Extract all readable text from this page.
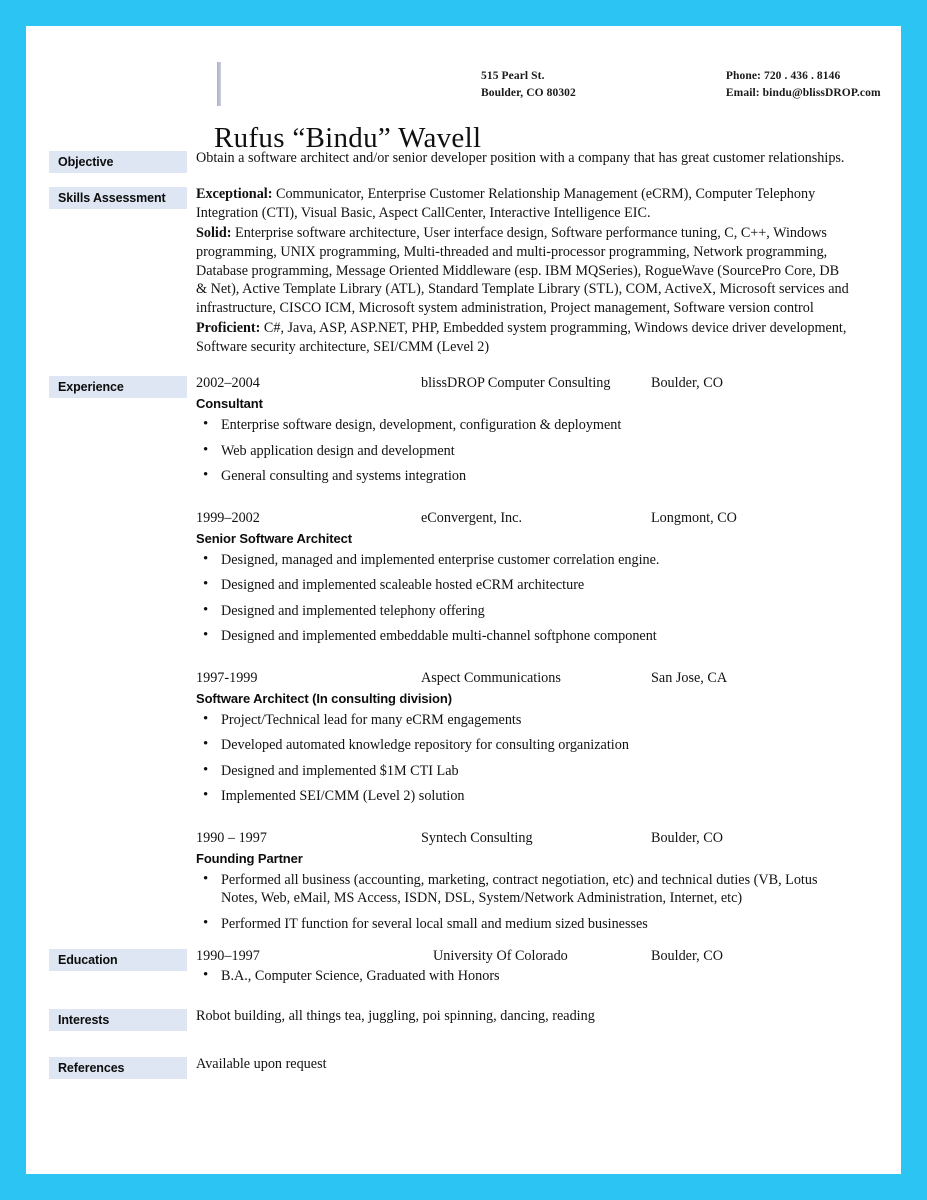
515 Pearl St.
Boulder, CO 80302
Phone: 720 . 436 . 8146
Email: bindu@blissDROP.com
Rufus “Bindu” Wavell
Objective	Obtain a software architect and/or senior developer position with a company that has great customer relationships.

Skills Assessment	Exceptional: Communicator, Enterprise Customer Relationship Management (eCRM), Computer Telephony Integration (CTI), Visual Basic, Aspect CallCenter, Interactive Intelligence EIC.

Solid: Enterprise software architecture, User interface design, Software performance tuning, C, C++, Windows programming, UNIX programming, Multi-threaded and multi-processor programming, Network programming, Database programming, Message Oriented Middleware (esp. IBM MQSeries), RogueWave (SourcePro Core, DB & Net), Active Template Library (ATL), Standard Template Library (STL), COM, ActiveX, Microsoft services and infrastructure, CISCO ICM, Microsoft system administration, Project management, Software version control

Proficient: C#, Java, ASP, ASP.NET, PHP, Embedded system programming, Windows device driver development, Software security architecture, SEI/CMM (Level 2)

Experience	2002–2004	blissDROP Computer Consulting	Boulder, CO
Consultant
• Enterprise software design, development, configuration & deployment
• Web application design and development
• General consulting and systems integration
1999–2002	eConvergent, Inc.	Longmont, CO
Senior Software Architect
• Designed, managed and implemented enterprise customer correlation engine.
• Designed and implemented scaleable hosted eCRM architecture
• Designed and implemented telephony offering
• Designed and implemented embeddable multi-channel softphone component
1997-1999	Aspect Communications	San Jose, CA
Software Architect (In consulting division)
• Project/Technical lead for many eCRM engagements
• Developed automated knowledge repository for consulting organization
• Designed and implemented $1M CTI Lab
• Implemented SEI/CMM (Level 2) solution
1990 – 1997	Syntech Consulting	Boulder, CO
Founding Partner
• Performed all business (accounting, marketing, contract negotiation, etc) and technical duties (VB, Lotus Notes, Web, eMail, MS Access, ISDN, DSL, System/Network Administration, Internet, etc)
• Performed IT function for several local small and medium sized businesses
Education	1990–1997	University Of Colorado	Boulder, CO
• B.A., Computer Science, Graduated with Honors
Interests	Robot building, all things tea, juggling, poi spinning, dancing, reading

References	Available upon request
